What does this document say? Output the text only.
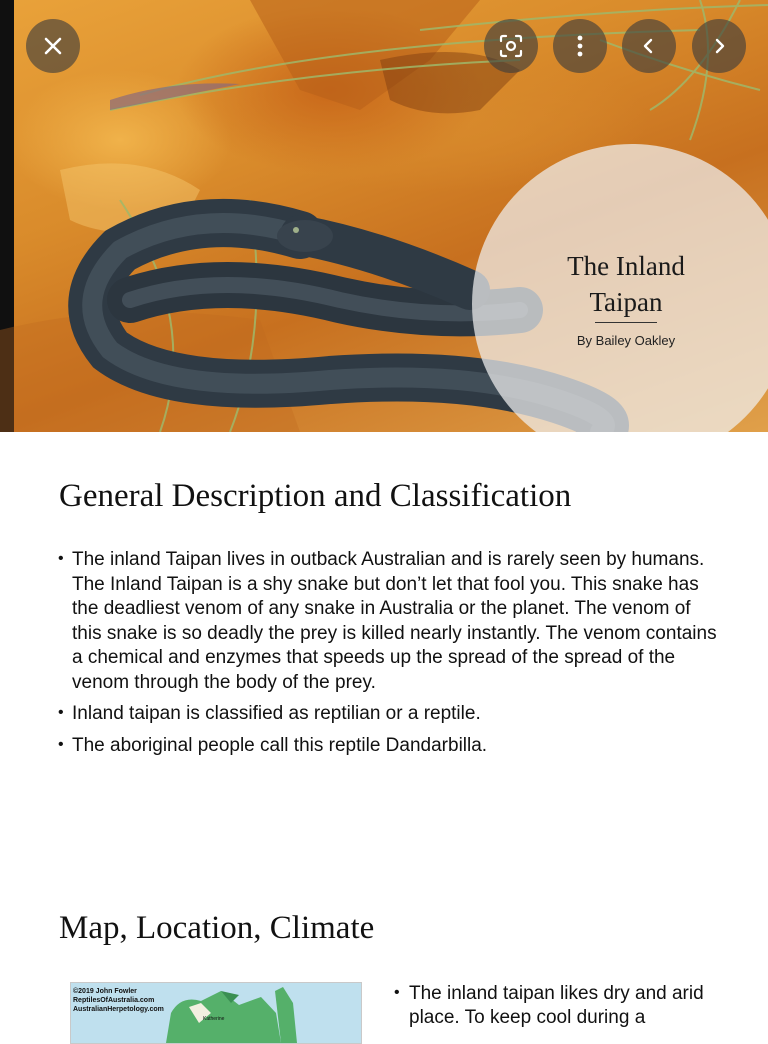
The Inland Taipan
By Bailey Oakley
General Description and Classification
• The inland Taipan lives in outback Australian and is rarely seen by humans. The Inland Taipan is a shy snake but don’t let that fool you. This snake has the deadliest venom of any snake in Australia or the planet. The venom of this snake is so deadly the prey is killed nearly instantly. The venom contains a chemical and enzymes that speeds up the spread of the spread of the venom through the body of the prey.
• Inland taipan is classified as reptilian or a reptile.
• The aboriginal people call this reptile Dandarbilla.
Map, Location, Climate
©2019 John Fowler
ReptilesOfAustralia.com
AustralianHerpetology.com
Katherine
• The inland taipan likes dry and arid place. To keep cool during a
